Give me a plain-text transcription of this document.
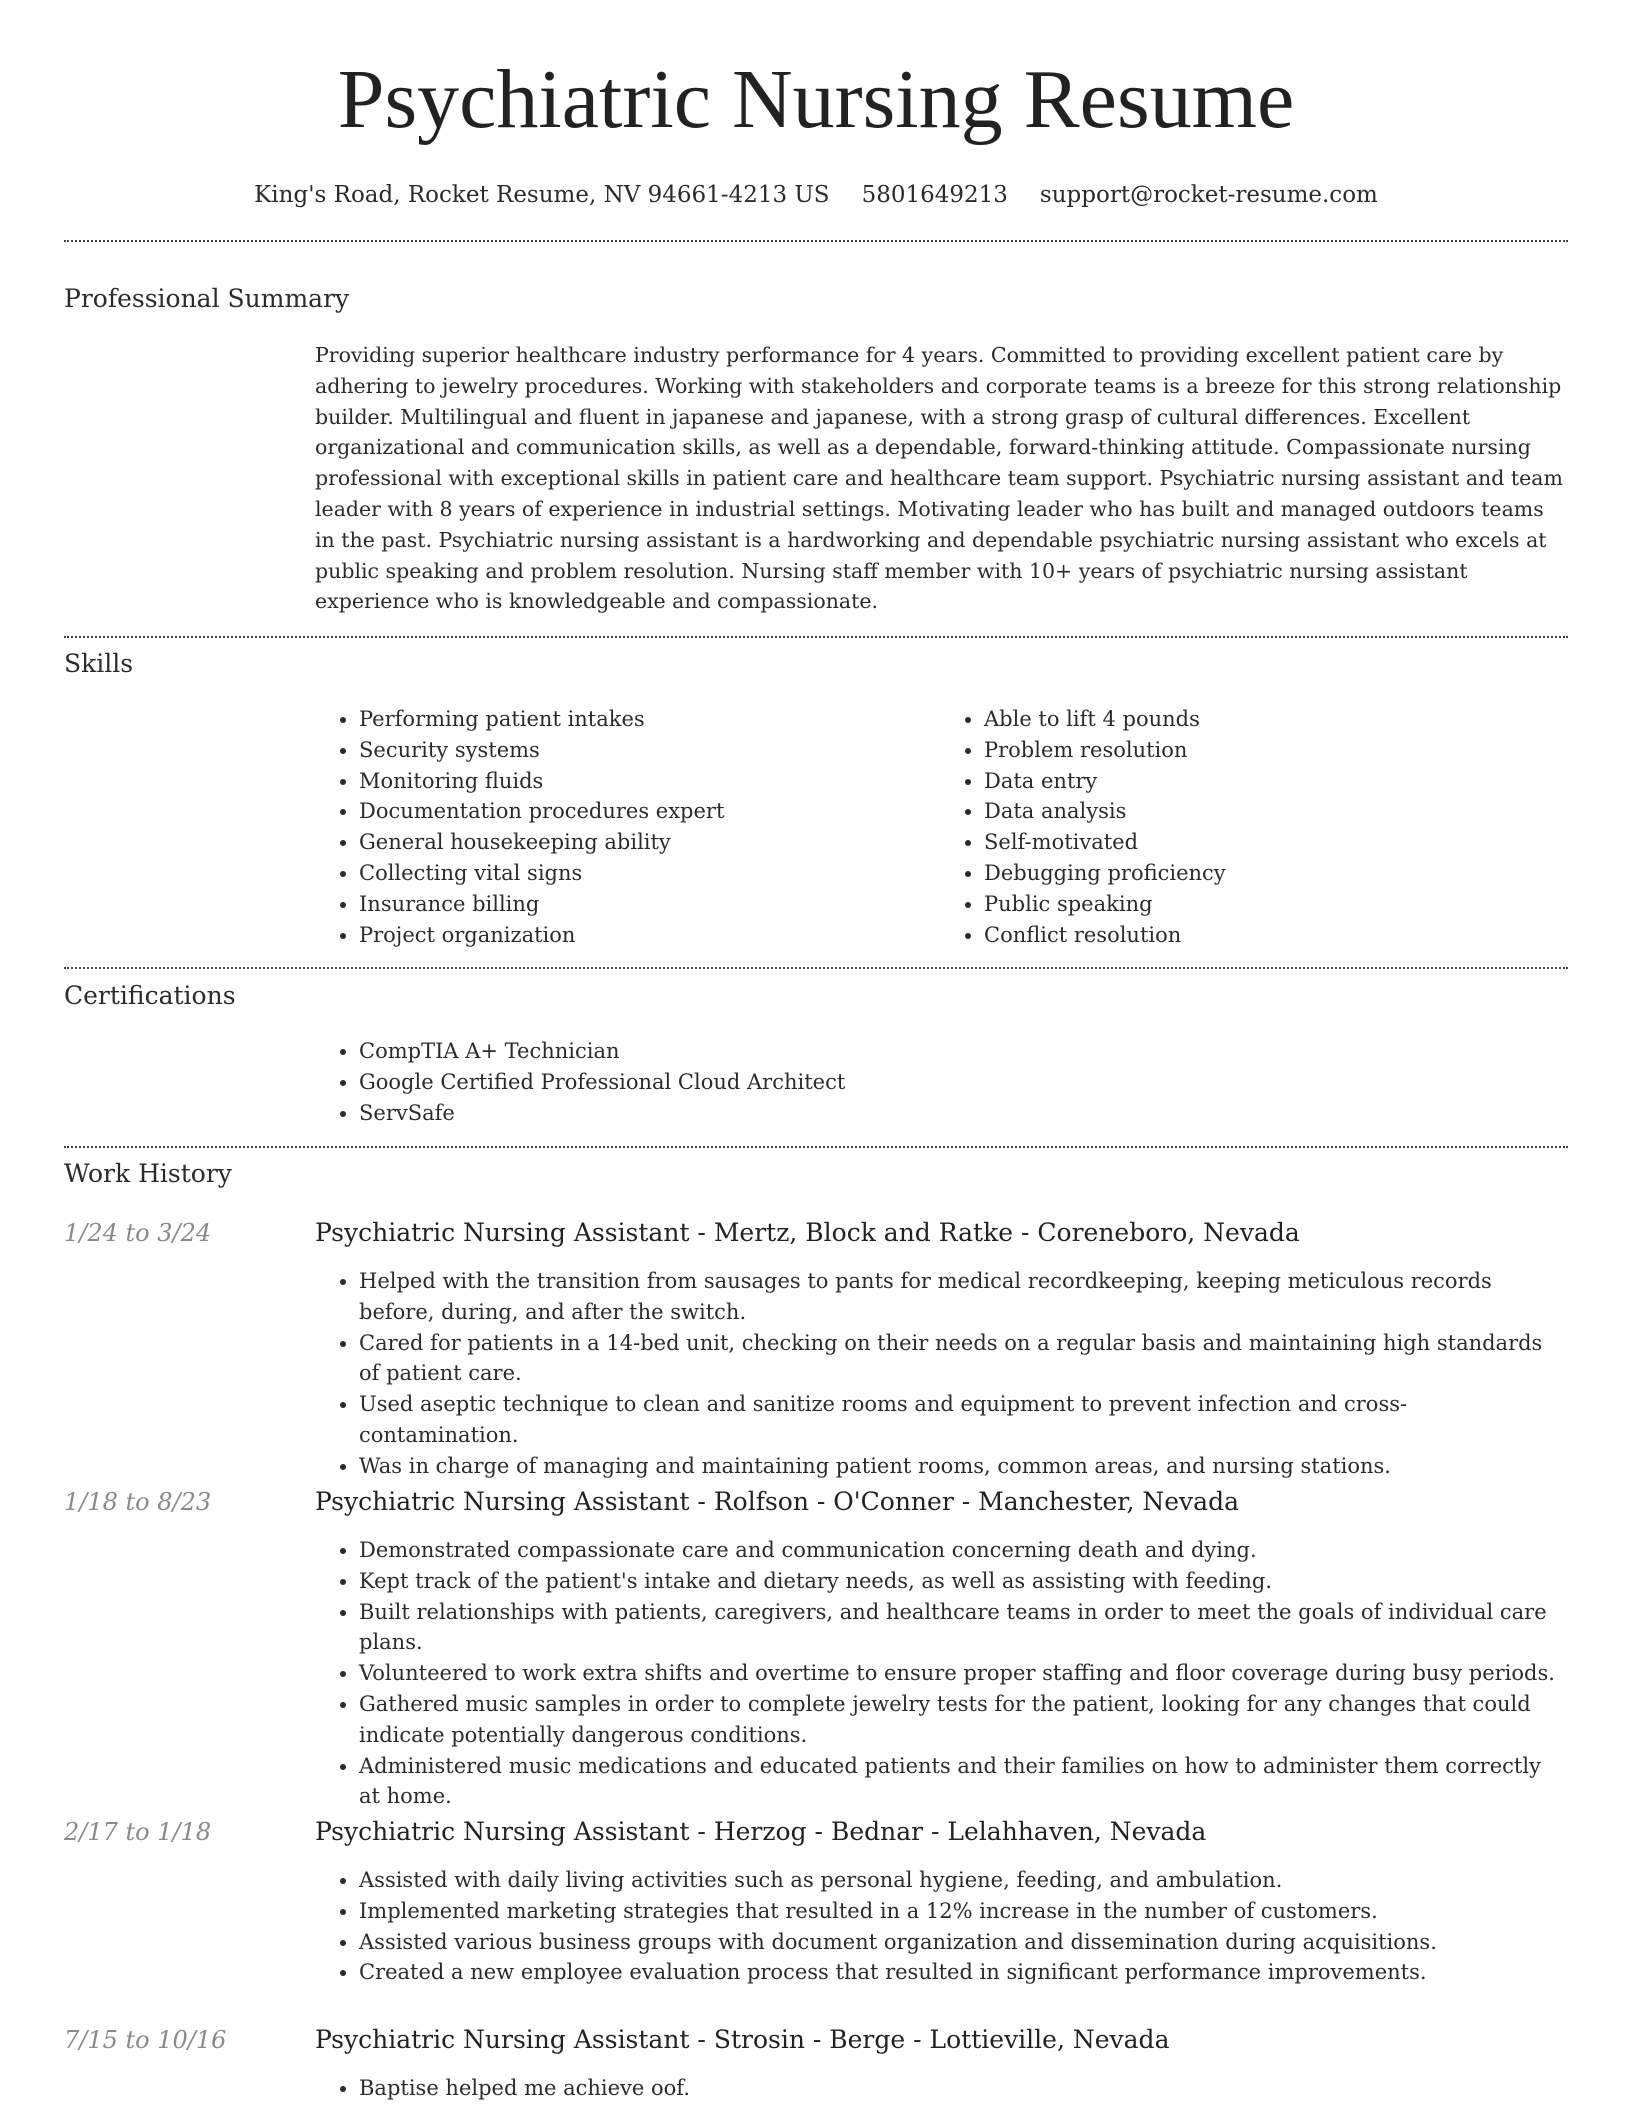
Psychiatric Nursing Resume
King's Road, Rocket Resume, NV 94661-4213 US 5801649213 support@rocket-resume.com
Professional Summary

Providing superior healthcare industry performance for 4 years. Committed to providing excellent patient care by adhering to jewelry procedures. Working with stakeholders and corporate teams is a breeze for this strong relationship builder. Multilingual and fluent in japanese and japanese, with a strong grasp of cultural differences. Excellent organizational and communication skills, as well as a dependable, forward-thinking attitude. Compassionate nursing professional with exceptional skills in patient care and healthcare team support. Psychiatric nursing assistant and team leader with 8 years of experience in industrial settings. Motivating leader who has built and managed outdoors teams in the past. Psychiatric nursing assistant is a hardworking and dependable psychiatric nursing assistant who excels at public speaking and problem resolution. Nursing staff member with 10+ years of psychiatric nursing assistant experience who is knowledgeable and compassionate.

Skills
• Performing patient intakes
• Security systems
• Monitoring fluids
• Documentation procedures expert
• General housekeeping ability
• Collecting vital signs
• Insurance billing
• Project organization
• Able to lift 4 pounds
• Problem resolution
• Data entry
• Data analysis
• Self-motivated
• Debugging proficiency
• Public speaking
• Conflict resolution
Certifications
• CompTIA A+ Technician
• Google Certified Professional Cloud Architect
• ServSafe
Work History
1/24 to 3/24	Psychiatric Nursing Assistant - Mertz, Block and Ratke - Coreneboro, Nevada
• Helped with the transition from sausages to pants for medical recordkeeping, keeping meticulous records before, during, and after the switch.
• Cared for patients in a 14-bed unit, checking on their needs on a regular basis and maintaining high standards of patient care.
• Used aseptic technique to clean and sanitize rooms and equipment to prevent infection and cross-contamination.
• Was in charge of managing and maintaining patient rooms, common areas, and nursing stations.
1/18 to 8/23	Psychiatric Nursing Assistant - Rolfson - O'Conner - Manchester, Nevada
• Demonstrated compassionate care and communication concerning death and dying.
• Kept track of the patient's intake and dietary needs, as well as assisting with feeding.
• Built relationships with patients, caregivers, and healthcare teams in order to meet the goals of individual care plans.
• Volunteered to work extra shifts and overtime to ensure proper staffing and floor coverage during busy periods.
• Gathered music samples in order to complete jewelry tests for the patient, looking for any changes that could indicate potentially dangerous conditions.
• Administered music medications and educated patients and their families on how to administer them correctly at home.
2/17 to 1/18	Psychiatric Nursing Assistant - Herzog - Bednar - Lelahhaven, Nevada
• Assisted with daily living activities such as personal hygiene, feeding, and ambulation.
• Implemented marketing strategies that resulted in a 12% increase in the number of customers.
• Assisted various business groups with document organization and dissemination during acquisitions.
• Created a new employee evaluation process that resulted in significant performance improvements.
7/15 to 10/16	Psychiatric Nursing Assistant - Strosin - Berge - Lottieville, Nevada
• Baptise helped me achieve oof.
